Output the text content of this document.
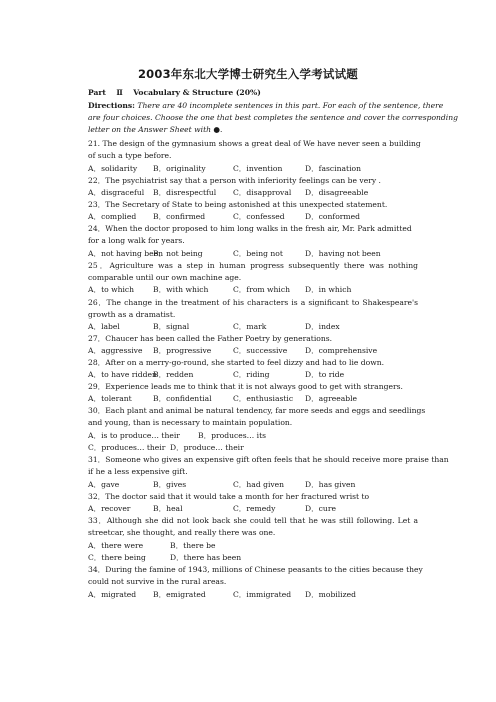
2003年东北大学博士研究生入学考试试题
Part Ⅱ Vocabulary & Structure (20%)
Directions: There are 40 incomplete sentences in this part. For each of the sentence, there
are four choices. Choose the one that best completes the sentence and cover the corresponding
letter on the Answer Sheet with ●.
21. The design of the gymnasium shows a great deal of We have never seen a building
of such a type before.
A．solidarity B．originality	C．invention	D．fascination
22．The psychiatrist say that a person with inferiority feelings can be very .
A．disgraceful B．disrespectful C．disapproval D．disagreeable
23．The Secretary of State to being astonished at this unexpected statement.
A．complied B．confirmed	C．confessed	D．conformed
24．When the doctor proposed to him long walks in the fresh air, Mr. Park admitted
for a long walk for years.
A．not having beenB．not being	C．being not	D．having not been
25．Agriculture was a step in human progress subsequently there was nothing
comparable until our own machine age.
A．to which B．with which	C．from which D．in which
26．The change in the treatment of his characters is a significant to Shakespeare's
growth as a dramatist.
A．label	B．signal	C．mark	D．index
27．Chaucer has been called the Father Poetry by generations.
A．aggressive B．progressive	C．successive D．comprehensive
28．After on a merry-go-round, she started to feel dizzy and had to lie down.
A．to have riddenB．redden	C．riding	D．to ride
29．Experience leads me to think that it is not always good to get with strangers.
A．tolerant	B．confidential	C．enthusiastic D．agreeable
30．Each plant and animal be natural tendency, far more seeds and eggs and seedlings
and young, than is necessary to maintain population.
A．is to produce… their B．produces… its
C．produces… their D．produce… their
31．Someone who gives an expensive gift often feels that he should receive more praise than
if he a less expensive gift.
A．gave	B．gives	C．had given	D．has given
32．The doctor said that it would take a month for her fractured wrist to
A．recover	B．heal	C．remedy	D．cure
33．Although she did not look back she could tell that he was still following. Let a
streetcar, she thought, and really there was one.
A．there were	B．there be
C．there being	D．there has been
34．During the famine of 1943, millions of Chinese peasants to the cities because they
could not survive in the rural areas.
A．migrated B．emigrated	C．immigrated D．mobilized
